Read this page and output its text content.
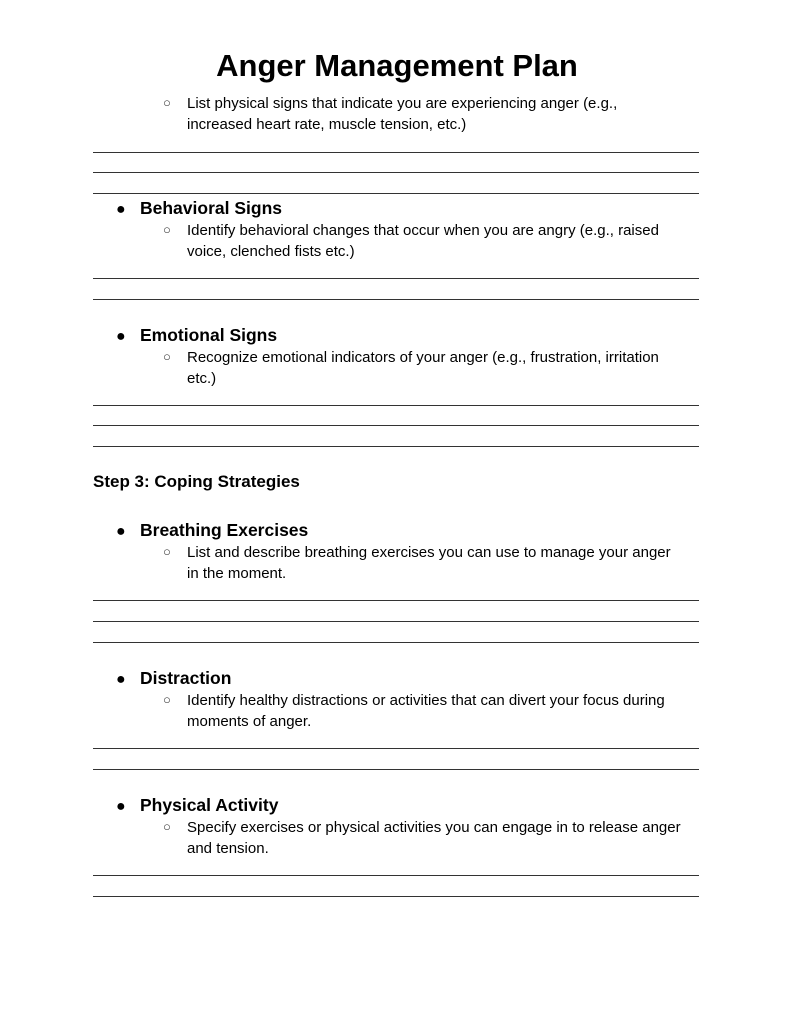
Anger Management Plan
○ List physical signs that indicate you are experiencing anger (e.g.,
increased heart rate, muscle tension, etc.)
● Behavioral Signs
○ Identify behavioral changes that occur when you are angry (e.g., raised
voice, clenched fists etc.)
● Emotional Signs
○ Recognize emotional indicators of your anger (e.g., frustration, irritation
etc.)
Step 3: Coping Strategies
● Breathing Exercises
○ List and describe breathing exercises you can use to manage your anger
in the moment.
● Distraction
○ Identify healthy distractions or activities that can divert your focus during
moments of anger.
● Physical Activity
○ Specify exercises or physical activities you can engage in to release anger
and tension.
